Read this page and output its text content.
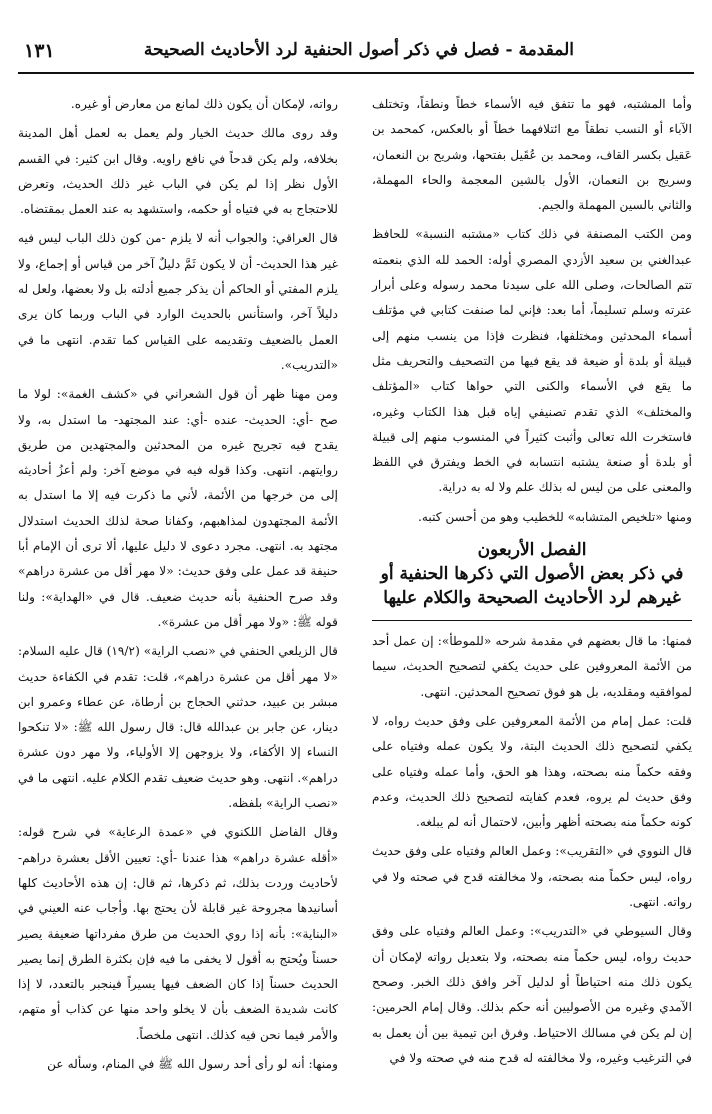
المقدمة - فصل في ذكر أصول الحنفية لرد الأحاديث الصحيحة
١٣١

وأما المشتبه، فهو ما تتفق فيه الأسماء خطاً ونطقاً، وتختلف الآباء أو النسب نطقاً مع ائتلافهما خطاً أو بالعكس، كمحمد بن عَقيل بكسر القاف، ومحمد بن عُقَيل بفتحها، وشريح بن النعمان، وسريج بن النعمان، الأول بالشين المعجمة والحاء المهملة، والثاني بالسين المهملة والجيم.

ومن الكتب المصنفة في ذلك كتاب «مشتبه النسبة» للحافظ عبدالغني بن سعيد الأزدي المصري أوله: الحمد لله الذي بنعمته تتم الصالحات، وصلى الله على سيدنا محمد رسوله وعلى أبرار عترته وسلم تسليماً، أما بعد: فإني لما صنفت كتابي في مؤتلف أسماء المحدثين ومختلفها، فنظرت فإذا من ينسب منهم إلى قبيلة أو بلدة أو ضيعة قد يقع فيها من التصحيف والتحريف مثل ما يقع في الأسماء والكنى التي حواها كتاب «المؤتلف والمختلف» الذي تقدم تصنيفي إياه قبل هذا الكتاب وغيره، فاستخرت الله تعالى وأثبت كثيراً في المنسوب منهم إلى قبيلة أو بلدة أو صنعة يشتبه انتسابه في الخط ويفترق في اللفظ والمعنى على من ليس له بذلك علم ولا له به دراية.

ومنها «تلخيص المتشابه» للخطيب وهو من أحسن كتبه.

الفصل الأربعون
في ذكر بعض الأصول التي ذكرها الحنفية أو غيرهم لرد الأحاديث الصحيحة والكلام عليها

فمنها: ما قال بعضهم في مقدمة شرحه «للموطأ»: إن عمل أحد من الأئمة المعروفين على حديث يكفي لتصحيح الحديث، سيما لموافقيه ومقلديه، بل هو فوق تصحيح المحدثين. انتهى.

قلت: عمل إمام من الأئمة المعروفين على وفق حديث رواه، لا يكفي لتصحيح ذلك الحديث البتة، ولا يكون عمله وفتياه على وفقه حكماً منه بصحته، وهذا هو الحق، وأما عمله وفتياه على وفق حديث لم يروه، فعدم كفايته لتصحيح ذلك الحديث، وعدم كونه حكماً منه بصحته أظهر وأبين، لاحتمال أنه لم يبلغه.

قال النووي في «التقريب»: وعمل العالم وفتياه على وفق حديث رواه، ليس حكماً منه بصحته، ولا مخالفته قدح في صحته ولا في رواته. انتهى.

وقال السيوطي في «التدريب»: وعمل العالم وفتياه على وفق حديث رواه، ليس حكماً منه بصحته، ولا بتعديل رواته لإمكان أن يكون ذلك منه احتياطاً أو لدليل آخر وافق ذلك الخبر. وصحح الآمدي وغيره من الأصوليين أنه حكم بذلك. وقال إمام الحرمين: إن لم يكن في مسالك الاحتياط. وفرق ابن تيمية بين أن يعمل به في الترغيب وغيره، ولا مخالفته له قدح منه في صحته ولا في

رواته، لإمكان أن يكون ذلك لمانع من معارض أو غيره.

وقد روى مالك حديث الخيار ولم يعمل به لعمل أهل المدينة بخلافه، ولم يكن قدحاً في نافع راويه. وقال ابن كثير: في القسم الأول نظر إذا لم يكن في الباب غير ذلك الحديث، وتعرض للاحتجاج به في فتياه أو حكمه، واستشهد به عند العمل بمقتضاه.

قال العراقي: والجواب أنه لا يلزم -من كون ذلك الباب ليس فيه غير هذا الحديث- أن لا يكون ثَمَّ دليلٌ آخر من قياس أو إجماع، ولا يلزم المفتي أو الحاكم أن يذكر جميع أدلته بل ولا بعضها، ولعل له دليلاً آخر، واستأنس بالحديث الوارد في الباب وربما كان يرى العمل بالضعيف وتقديمه على القياس كما تقدم. انتهى ما في «التدريب».

ومن مهنا ظهر أن قول الشعراني في «كشف الغمة»: لولا ما صح -أي: الحديث- عنده -أي: عند المجتهد- ما استدل به، ولا يقدح فيه تجريح غيره من المحدثين والمجتهدين من طريق روايتهم. انتهى. وكذا قوله فيه في موضع آخر: ولم أعزُ أحاديثه إلى من خرجها من الأئمة، لأني ما ذكرت فيه إلا ما استدل به الأئمة المجتهدون لمذاهبهم، وكفانا صحة لذلك الحديث استدلال مجتهد به. انتهى. مجرد دعوى لا دليل عليها، ألا ترى أن الإمام أبا حنيفة قد عمل على وفق حديث: «لا مهر أقل من عشرة دراهم» وقد صرح الحنفية بأنه حديث ضعيف. قال في «الهداية»: ولنا قوله ﷺ: «ولا مهر أقل من عشرة».

قال الزيلعي الحنفي في «نصب الراية» (١٩/٢) قال عليه السلام: «لا مهر أقل من عشرة دراهم»، قلت: تقدم في الكفاءة حديث مبشر بن عبيد، حدثني الحجاج بن أرطاة، عن عطاء وعمرو ابن دينار، عن جابر بن عبدالله قال: قال رسول الله ﷺ: «لا تنكحوا النساء إلا الأكفاء، ولا يزوجهن إلا الأولياء، ولا مهر دون عشرة دراهم». انتهى. وهو حديث ضعيف تقدم الكلام عليه. انتهى ما في «نصب الراية» بلفظه.

وقال الفاضل اللكنوي في «عمدة الرعاية» في شرح قوله: «أقله عشرة دراهم» هذا عندنا -أي: تعيين الأقل بعشرة دراهم- لأحاديث وردت بذلك، ثم ذكرها، ثم قال: إن هذه الأحاديث كلها أسانيدها مجروحة غير قابلة لأن يحتج بها. وأجاب عنه العيني في «البناية»: بأنه إذا روي الحديث من طرق مفرداتها ضعيفة يصير حسناً ويُحتج به أقول لا يخفى ما فيه فإن بكثرة الطرق إنما يصير الحديث حسناً إذا كان الضعف فيها يسيراً فينجبر بالتعدد، لا إذا كانت شديدة الضعف بأن لا يخلو واحد منها عن كذاب أو متهم، والأمر فيما نحن فيه كذلك. انتهى ملخصاً.

ومنها: أنه لو رأى أحد رسول الله ﷺ في المنام، وسأله عن
